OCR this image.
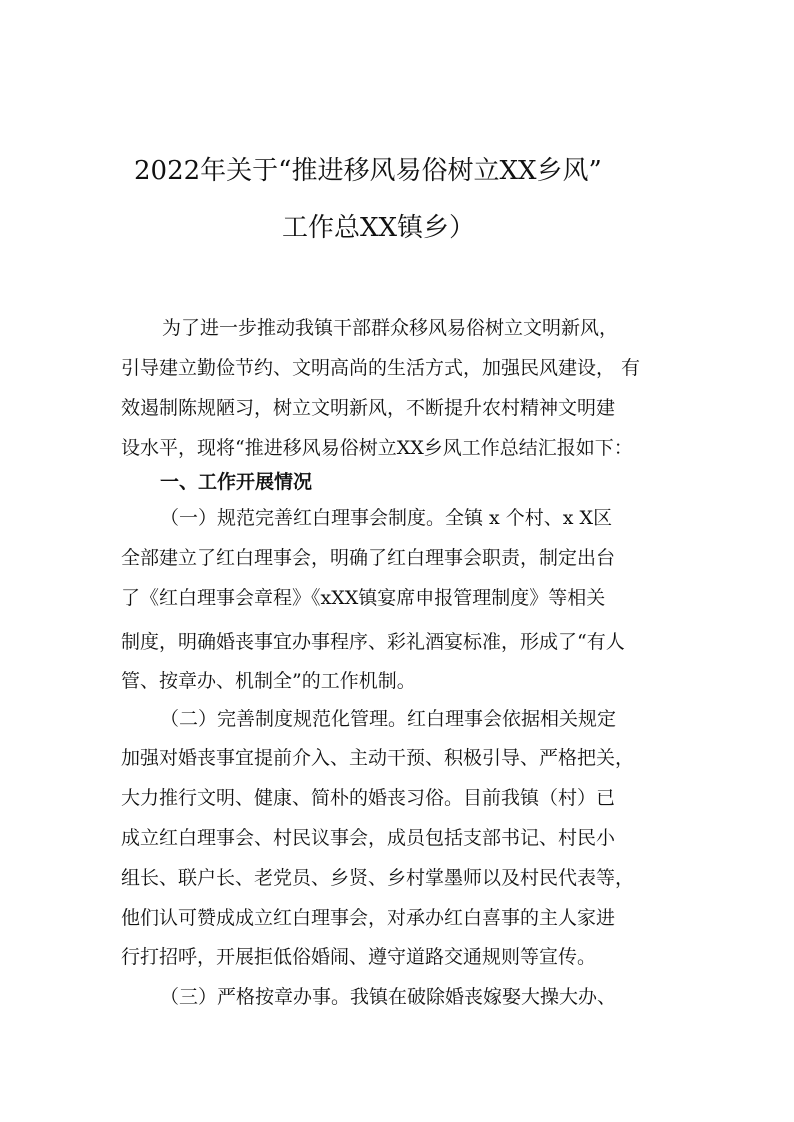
2022年关于“推进移风易俗树立XX乡风”
工作总XX镇乡）
为了进一步推动我镇干部群众移风易俗树立文明新风，
引导建立勤俭节约、文明高尚的生活方式，加强民风建设， 有
效遏制陈规陋习，树立文明新风，不断提升农村精神文明建
设水平，现将“推进移风易俗树立XX乡风工作总结汇报如下：
一、工作开展情况
（一）规范完善红白理事会制度。全镇 x 个村、x X区
全部建立了红白理事会，明确了红白理事会职责，制定出台
了《红白理事会章程》《xXX镇宴席申报管理制度》等相关
制度，明确婚丧事宜办事程序、彩礼酒宴标准，形成了“有人
管、按章办、机制全”的工作机制。
（二）完善制度规范化管理。红白理事会依据相关规定
加强对婚丧事宜提前介入、主动干预、积极引导、严格把关，
大力推行文明、健康、简朴的婚丧习俗。目前我镇（村）已
成立红白理事会、村民议事会，成员包括支部书记、村民小
组长、联户长、老党员、乡贤、乡村掌墨师以及村民代表等，
他们认可赞成成立红白理事会，对承办红白喜事的主人家进
行打招呼，开展拒低俗婚闹、遵守道路交通规则等宣传。
（三）严格按章办事。我镇在破除婚丧嫁娶大操大办、
